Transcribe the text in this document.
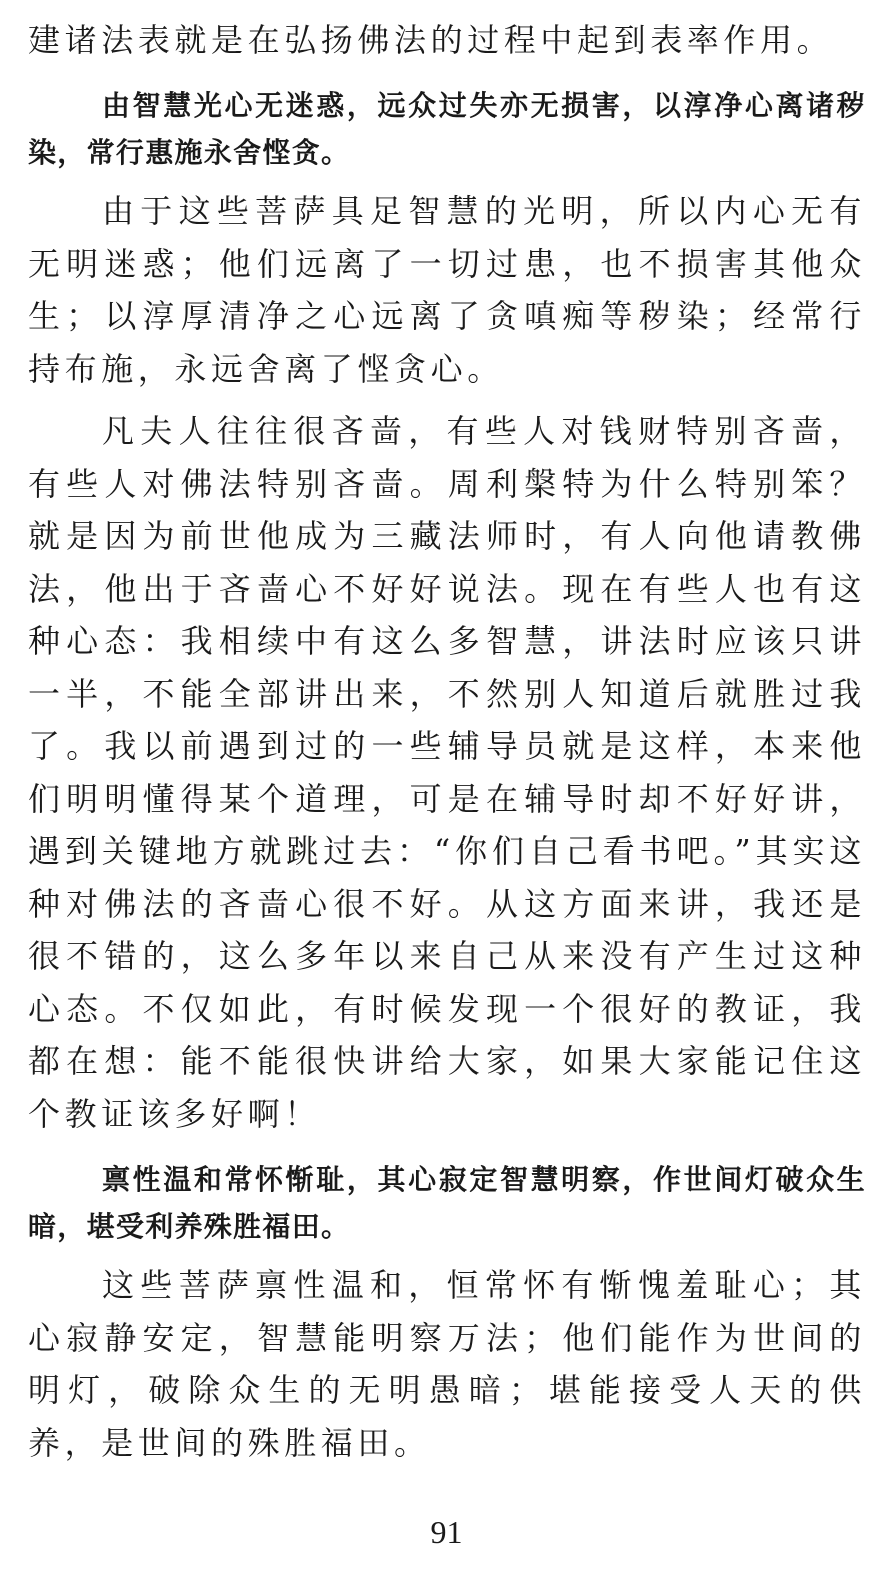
建诸法表就是在弘扬佛法的过程中起到表率作用。

由智慧光心无迷惑，远众过失亦无损害，以淳净心离诸秽染，常行惠施永舍悭贪。

由于这些菩萨具足智慧的光明，所以内心无有无明迷惑；他们远离了一切过患，也不损害其他众生；以淳厚清净之心远离了贪嗔痴等秽染；经常行持布施，永远舍离了悭贪心。

凡夫人往往很吝啬，有些人对钱财特别吝啬，有些人对佛法特别吝啬。周利槃特为什么特别笨？就是因为前世他成为三藏法师时，有人向他请教佛法，他出于吝啬心不好好说法。现在有些人也有这种心态：我相续中有这么多智慧，讲法时应该只讲一半，不能全部讲出来，不然别人知道后就胜过我了。我以前遇到过的一些辅导员就是这样，本来他们明明懂得某个道理，可是在辅导时却不好好讲，遇到关键地方就跳过去：“你们自己看书吧。”其实这种对佛法的吝啬心很不好。从这方面来讲，我还是很不错的，这么多年以来自己从来没有产生过这种心态。不仅如此，有时候发现一个很好的教证，我都在想：能不能很快讲给大家，如果大家能记住这个教证该多好啊！

禀性温和常怀惭耻，其心寂定智慧明察，作世间灯破众生暗，堪受利养殊胜福田。

这些菩萨禀性温和，恒常怀有惭愧羞耻心；其心寂静安定，智慧能明察万法；他们能作为世间的明灯，破除众生的无明愚暗；堪能接受人天的供养，是世间的殊胜福田。

91
